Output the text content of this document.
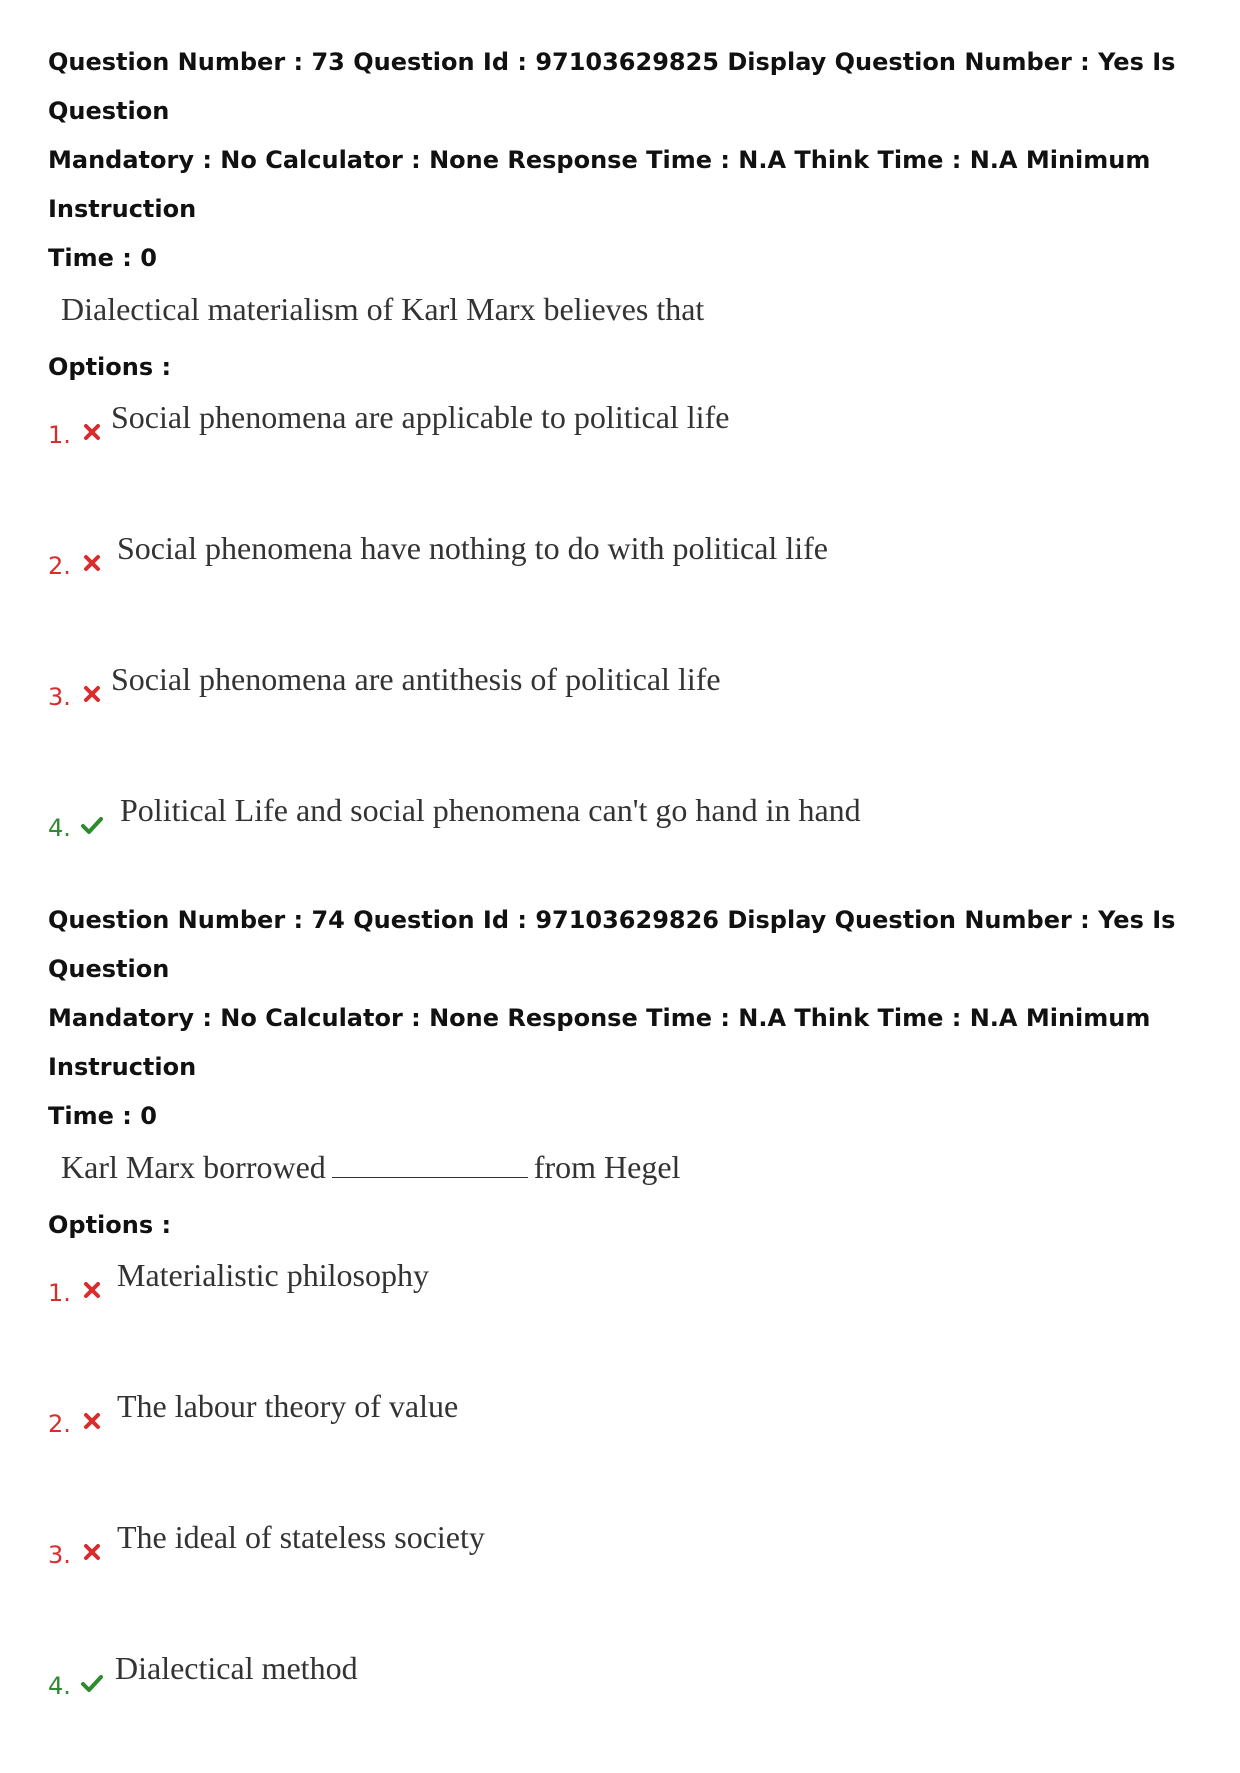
Question Number : 73 Question Id : 97103629825 Display Question Number : Yes Is Question
Mandatory : No Calculator : None Response Time : N.A Think Time : N.A Minimum Instruction
Time : 0
Dialectical materialism of Karl Marx believes that
Options :
1. Social phenomena are applicable to political life
2. Social phenomena have nothing to do with political life
3. Social phenomena are antithesis of political life
4. Political Life and social phenomena can't go hand in hand
Question Number : 74 Question Id : 97103629826 Display Question Number : Yes Is Question
Mandatory : No Calculator : None Response Time : N.A Think Time : N.A Minimum Instruction
Time : 0
Karl Marx borrowed	from Hegel
Options :
1. Materialistic philosophy
2. The labour theory of value
3. The ideal of stateless society
4. Dialectical method
